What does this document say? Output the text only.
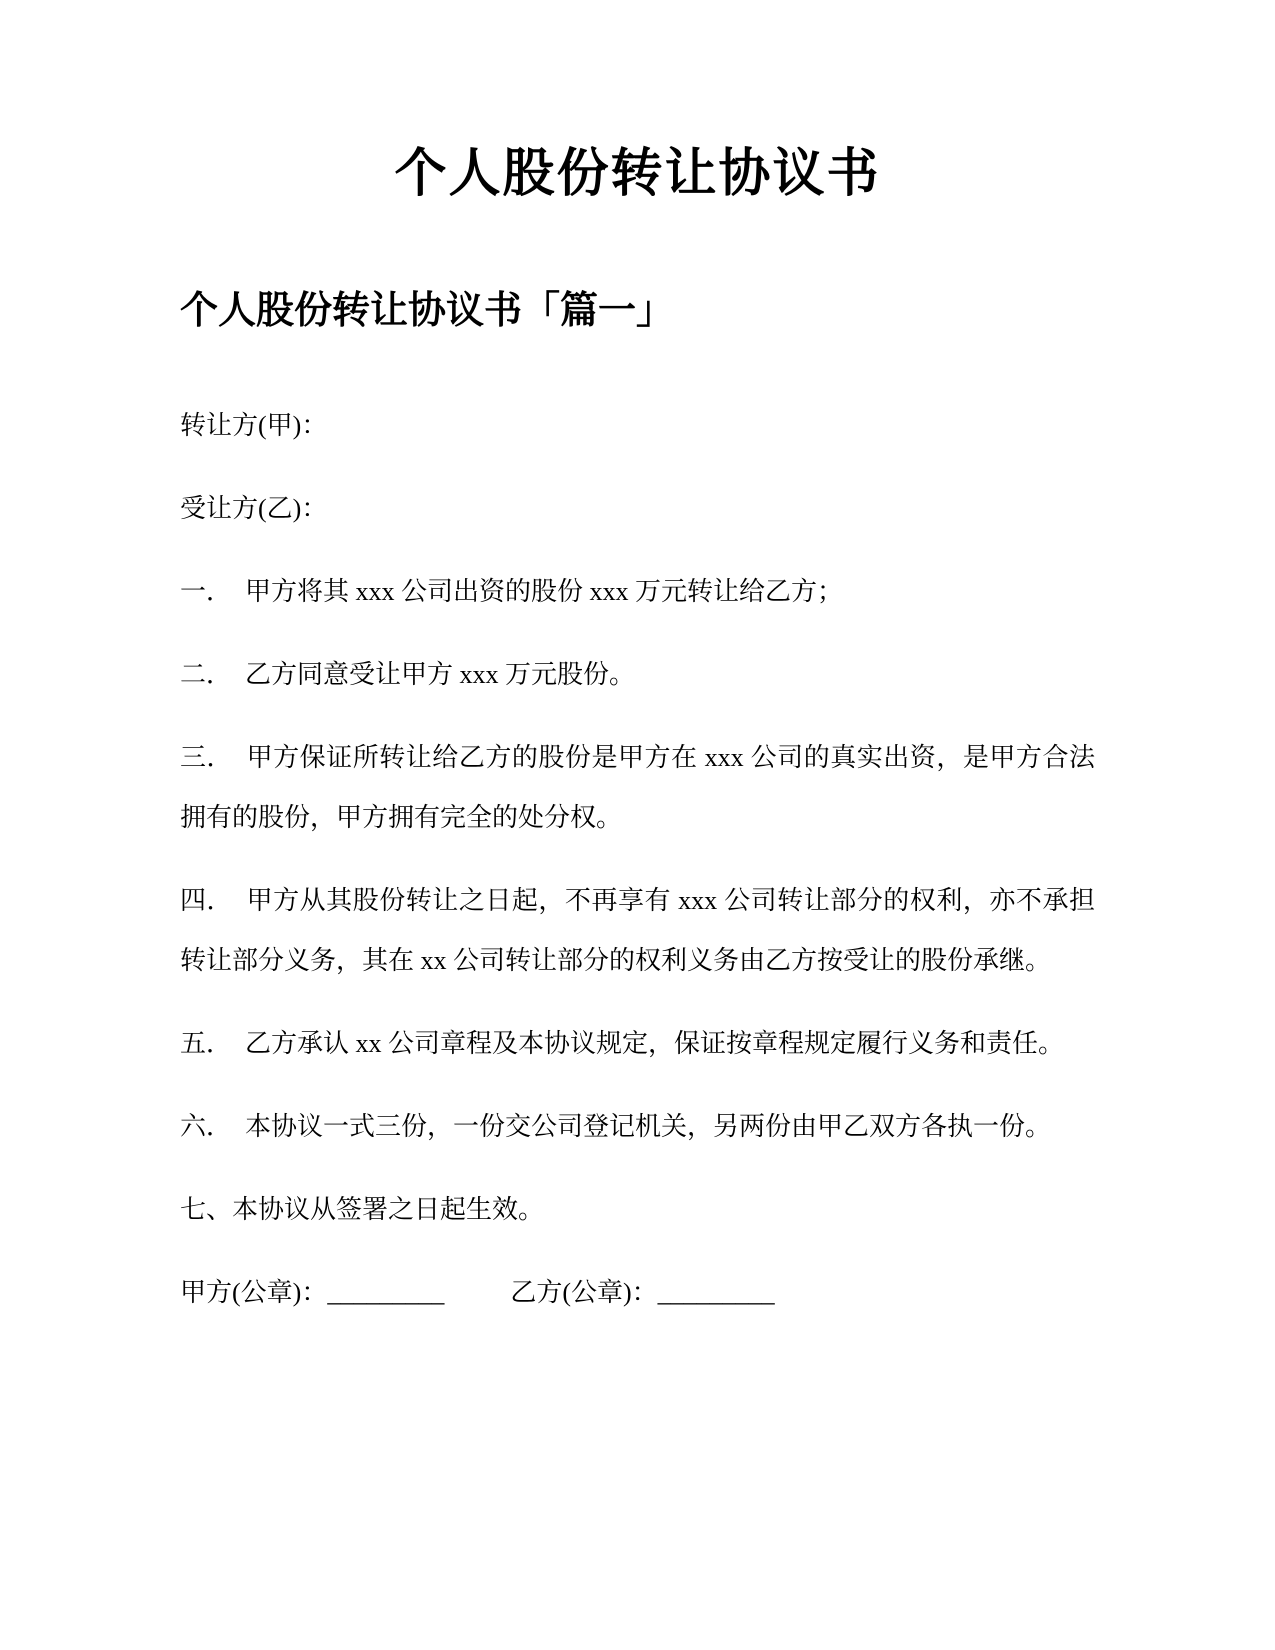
个人股份转让协议书
个人股份转让协议书「篇一」

转让方(甲)：

受让方(乙)：

一．　甲方将其 xxx 公司出资的股份 xxx 万元转让给乙方；

二．　乙方同意受让甲方 xxx 万元股份。

三．　甲方保证所转让给乙方的股份是甲方在 xxx 公司的真实出资，是甲方合法拥有的股份，甲方拥有完全的处分权。

四．　甲方从其股份转让之日起，不再享有 xxx 公司转让部分的权利，亦不承担转让部分义务，其在 xx 公司转让部分的权利义务由乙方按受让的股份承继。

五．　乙方承认 xx 公司章程及本协议规定，保证按章程规定履行义务和责任。

六．　本协议一式三份，一份交公司登记机关，另两份由甲乙双方各执一份。

七、本协议从签署之日起生效。

甲方(公章)：_________	乙方(公章)：_________
